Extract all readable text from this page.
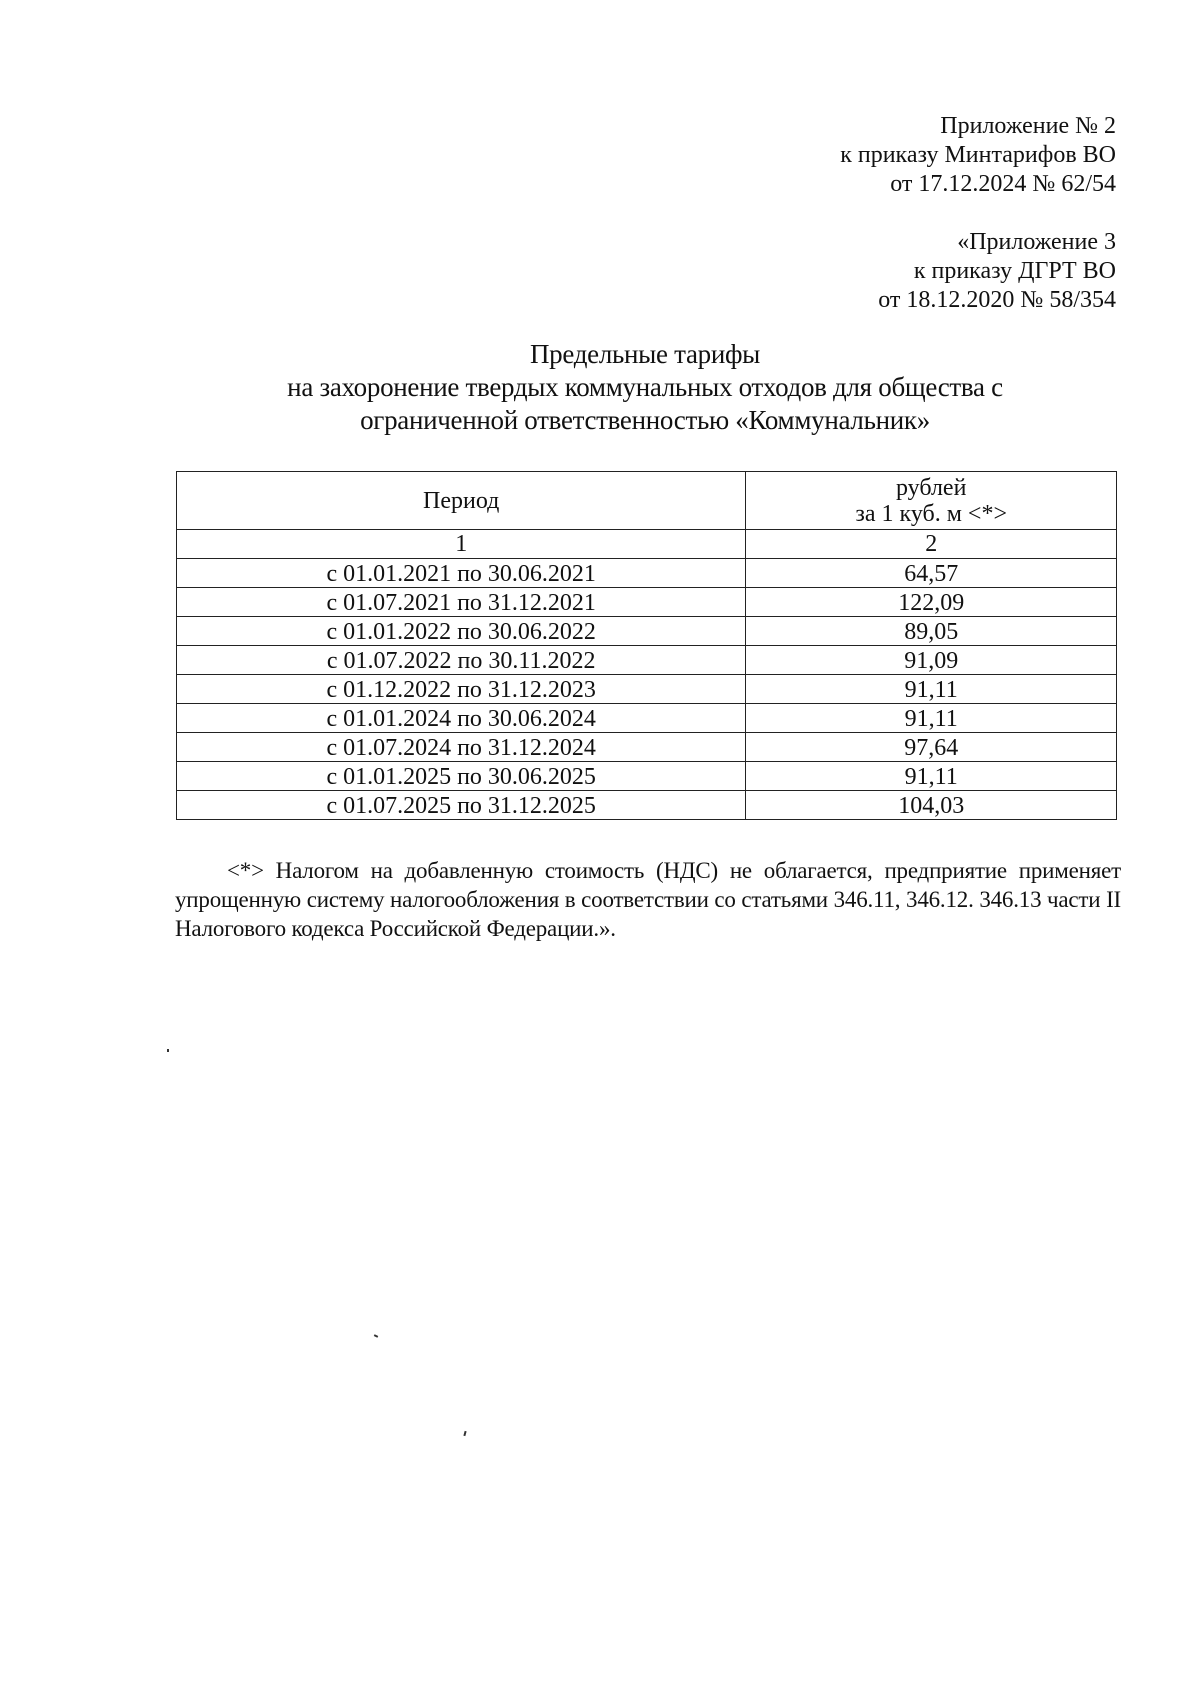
Приложение № 2
к приказу Минтарифов ВО
от 17.12.2024 № 62/54
«Приложение 3
к приказу ДГРТ ВО
от 18.12.2020 № 58/354
Предельные тарифы
на захоронение твердых коммунальных отходов для общества с
ограниченной ответственностью «Коммунальник»
Период	рублей
за 1 куб. м <*>

1	2
с 01.01.2021 по 30.06.2021	64,57
с 01.07.2021 по 31.12.2021	122,09
с 01.01.2022 по 30.06.2022	89,05
с 01.07.2022 по 30.11.2022	91,09
с 01.12.2022 по 31.12.2023	91,11
с 01.01.2024 по 30.06.2024	91,11
с 01.07.2024 по 31.12.2024	97,64
с 01.01.2025 по 30.06.2025	91,11
с 01.07.2025 по 31.12.2025	104,03
<*> Налогом на добавленную стоимость (НДС) не облагается, предприятие применяет упрощенную систему налогообложения в соответствии со статьями 346.11, 346.12. 346.13 части II Налогового кодекса Российской Федерации.».
